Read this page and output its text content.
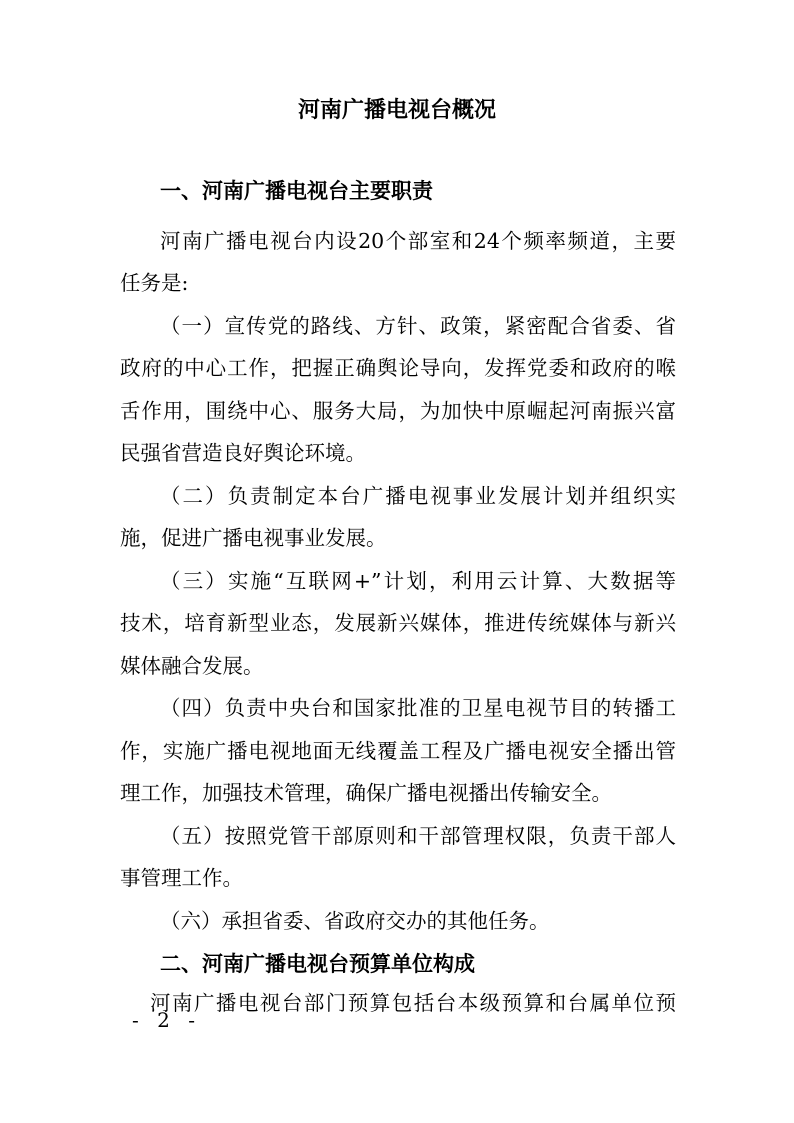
河南广播电视台概况
一、河南广播电视台主要职责
河南广播电视台内设20个部室和24个频率频道，主要
任务是:
（一）宣传党的路线、方针、政策，紧密配合省委、省
政府的中心工作，把握正确舆论导向，发挥党委和政府的喉
舌作用，围绕中心、服务大局，为加快中原崛起河南振兴富
民强省营造良好舆论环境。
（二）负责制定本台广播电视事业发展计划并组织实
施，促进广播电视事业发展。
（三）实施“互联网+”计划，利用云计算、大数据等
技术，培育新型业态，发展新兴媒体，推进传统媒体与新兴
媒体融合发展。
（四）负责中央台和国家批准的卫星电视节目的转播工
作，实施广播电视地面无线覆盖工程及广播电视安全播出管
理工作，加强技术管理，确保广播电视播出传输安全。
（五）按照党管干部原则和干部管理权限，负责干部人
事管理工作。
（六）承担省委、省政府交办的其他任务。
二、河南广播电视台预算单位构成
河南广播电视台部门预算包括台本级预算和台属单位预
- 2 -
